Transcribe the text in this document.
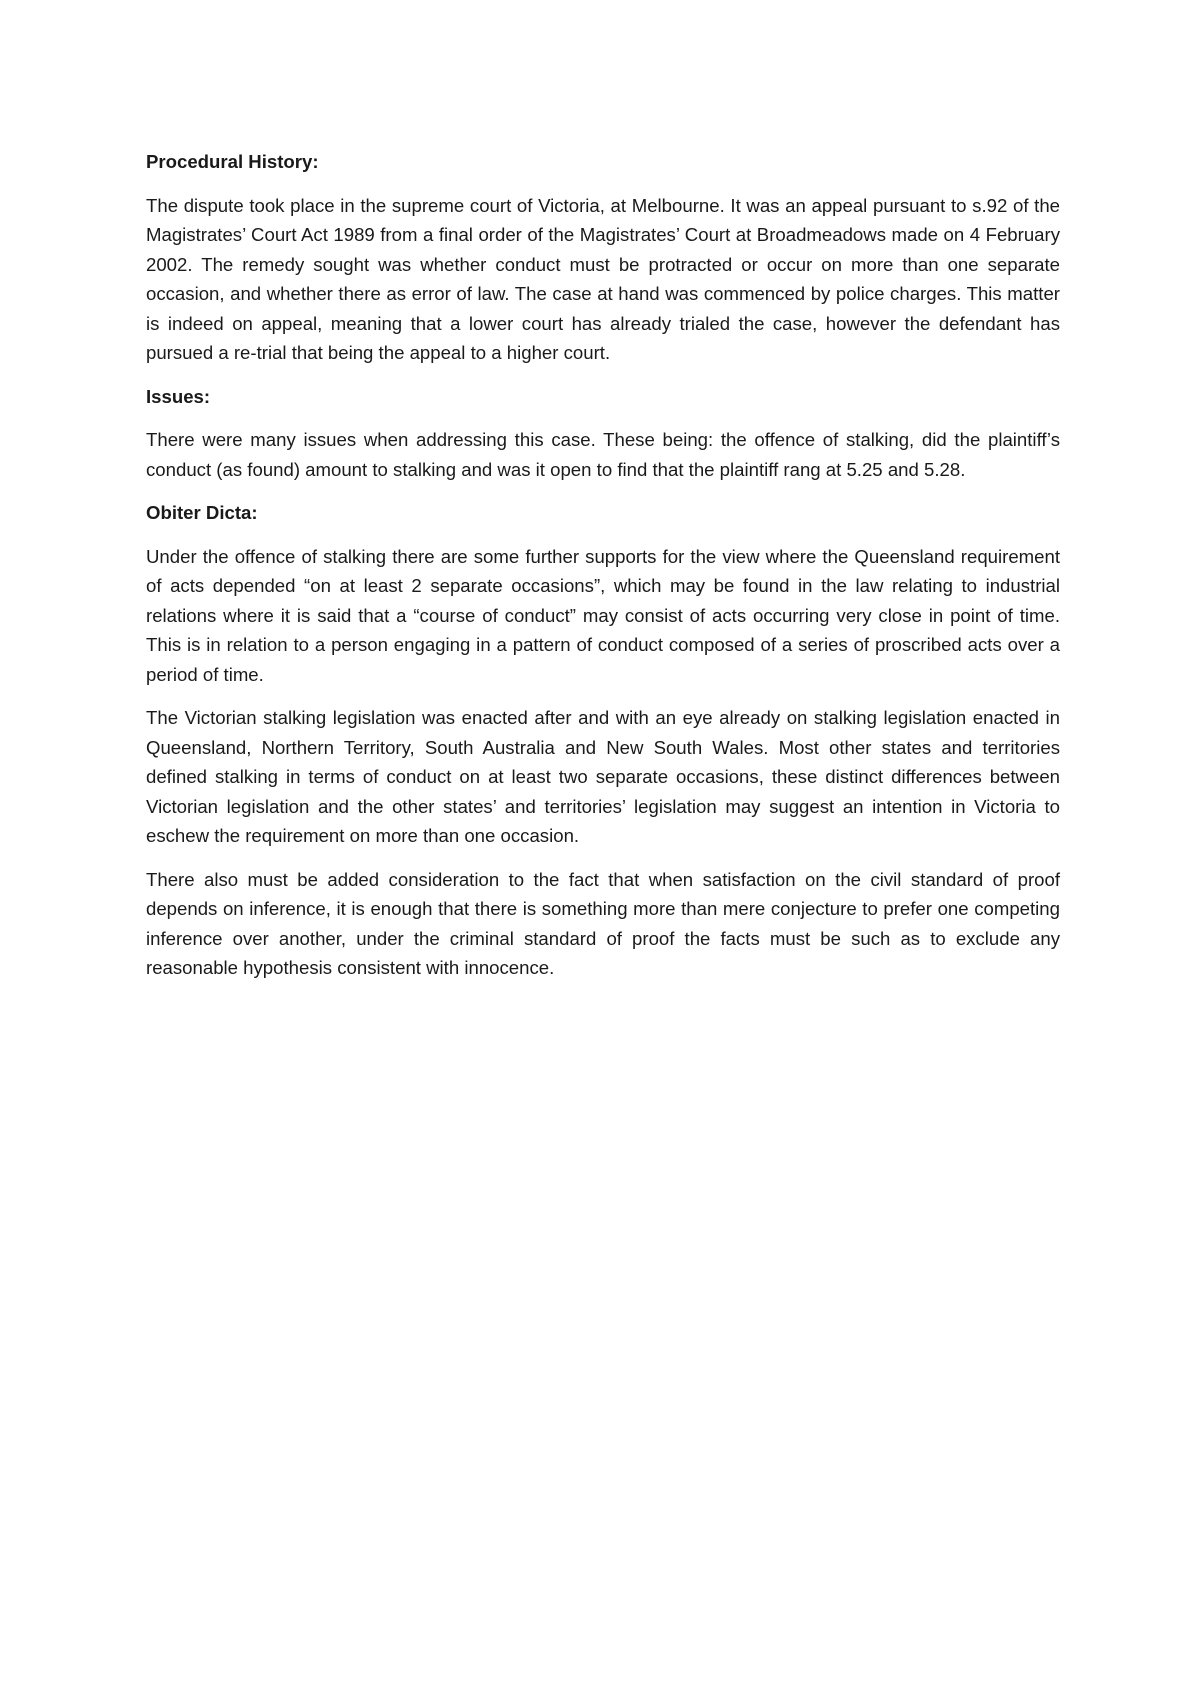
Procedural History:
The dispute took place in the supreme court of Victoria, at Melbourne. It was an appeal pursuant to s.92 of the Magistrates’ Court Act 1989 from a final order of the Magistrates’ Court at Broadmeadows made on 4 February 2002. The remedy sought was whether conduct must be protracted or occur on more than one separate occasion, and whether there as error of law. The case at hand was commenced by police charges. This matter is indeed on appeal, meaning that a lower court has already trialed the case, however the defendant has pursued a re-trial that being the appeal to a higher court.
Issues:
There were many issues when addressing this case. These being: the offence of stalking, did the plaintiff’s conduct (as found) amount to stalking and was it open to find that the plaintiff rang at 5.25 and 5.28.
Obiter Dicta:
Under the offence of stalking there are some further supports for the view where the Queensland requirement of acts depended “on at least 2 separate occasions”, which may be found in the law relating to industrial relations where it is said that a “course of conduct” may consist of acts occurring very close in point of time. This is in relation to a person engaging in a pattern of conduct composed of a series of proscribed acts over a period of time.
The Victorian stalking legislation was enacted after and with an eye already on stalking legislation enacted in Queensland, Northern Territory, South Australia and New South Wales. Most other states and territories defined stalking in terms of conduct on at least two separate occasions, these distinct differences between Victorian legislation and the other states’ and territories’ legislation may suggest an intention in Victoria to eschew the requirement on more than one occasion.
There also must be added consideration to the fact that when satisfaction on the civil standard of proof depends on inference, it is enough that there is something more than mere conjecture to prefer one competing inference over another, under the criminal standard of proof the facts must be such as to exclude any reasonable hypothesis consistent with innocence.
